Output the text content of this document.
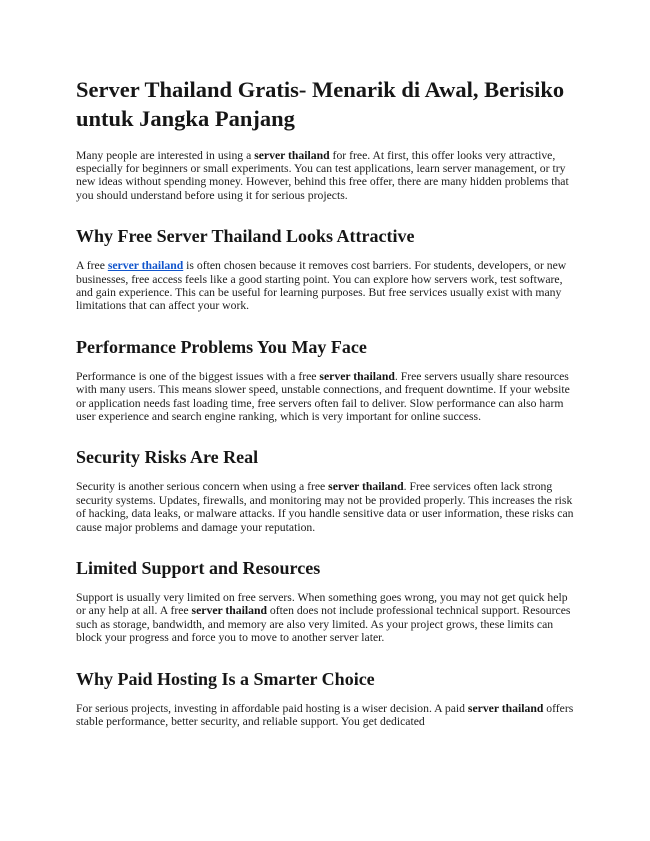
Server Thailand Gratis- Menarik di Awal, Berisiko untuk Jangka Panjang

Many people are interested in using a server thailand for free. At first, this offer looks very attractive, especially for beginners or small experiments. You can test applications, learn server management, or try new ideas without spending money. However, behind this free offer, there are many hidden problems that you should understand before using it for serious projects.

Why Free Server Thailand Looks Attractive

A free server thailand is often chosen because it removes cost barriers. For students, developers, or new businesses, free access feels like a good starting point. You can explore how servers work, test software, and gain experience. This can be useful for learning purposes. But free services usually exist with many limitations that can affect your work.

Performance Problems You May Face

Performance is one of the biggest issues with a free server thailand. Free servers usually share resources with many users. This means slower speed, unstable connections, and frequent downtime. If your website or application needs fast loading time, free servers often fail to deliver. Slow performance can also harm user experience and search engine ranking, which is very important for online success.

Security Risks Are Real

Security is another serious concern when using a free server thailand. Free services often lack strong security systems. Updates, firewalls, and monitoring may not be provided properly. This increases the risk of hacking, data leaks, or malware attacks. If you handle sensitive data or user information, these risks can cause major problems and damage your reputation.

Limited Support and Resources

Support is usually very limited on free servers. When something goes wrong, you may not get quick help or any help at all. A free server thailand often does not include professional technical support. Resources such as storage, bandwidth, and memory are also very limited. As your project grows, these limits can block your progress and force you to move to another server later.

Why Paid Hosting Is a Smarter Choice

For serious projects, investing in affordable paid hosting is a wiser decision. A paid server thailand offers stable performance, better security, and reliable support. You get dedicated
